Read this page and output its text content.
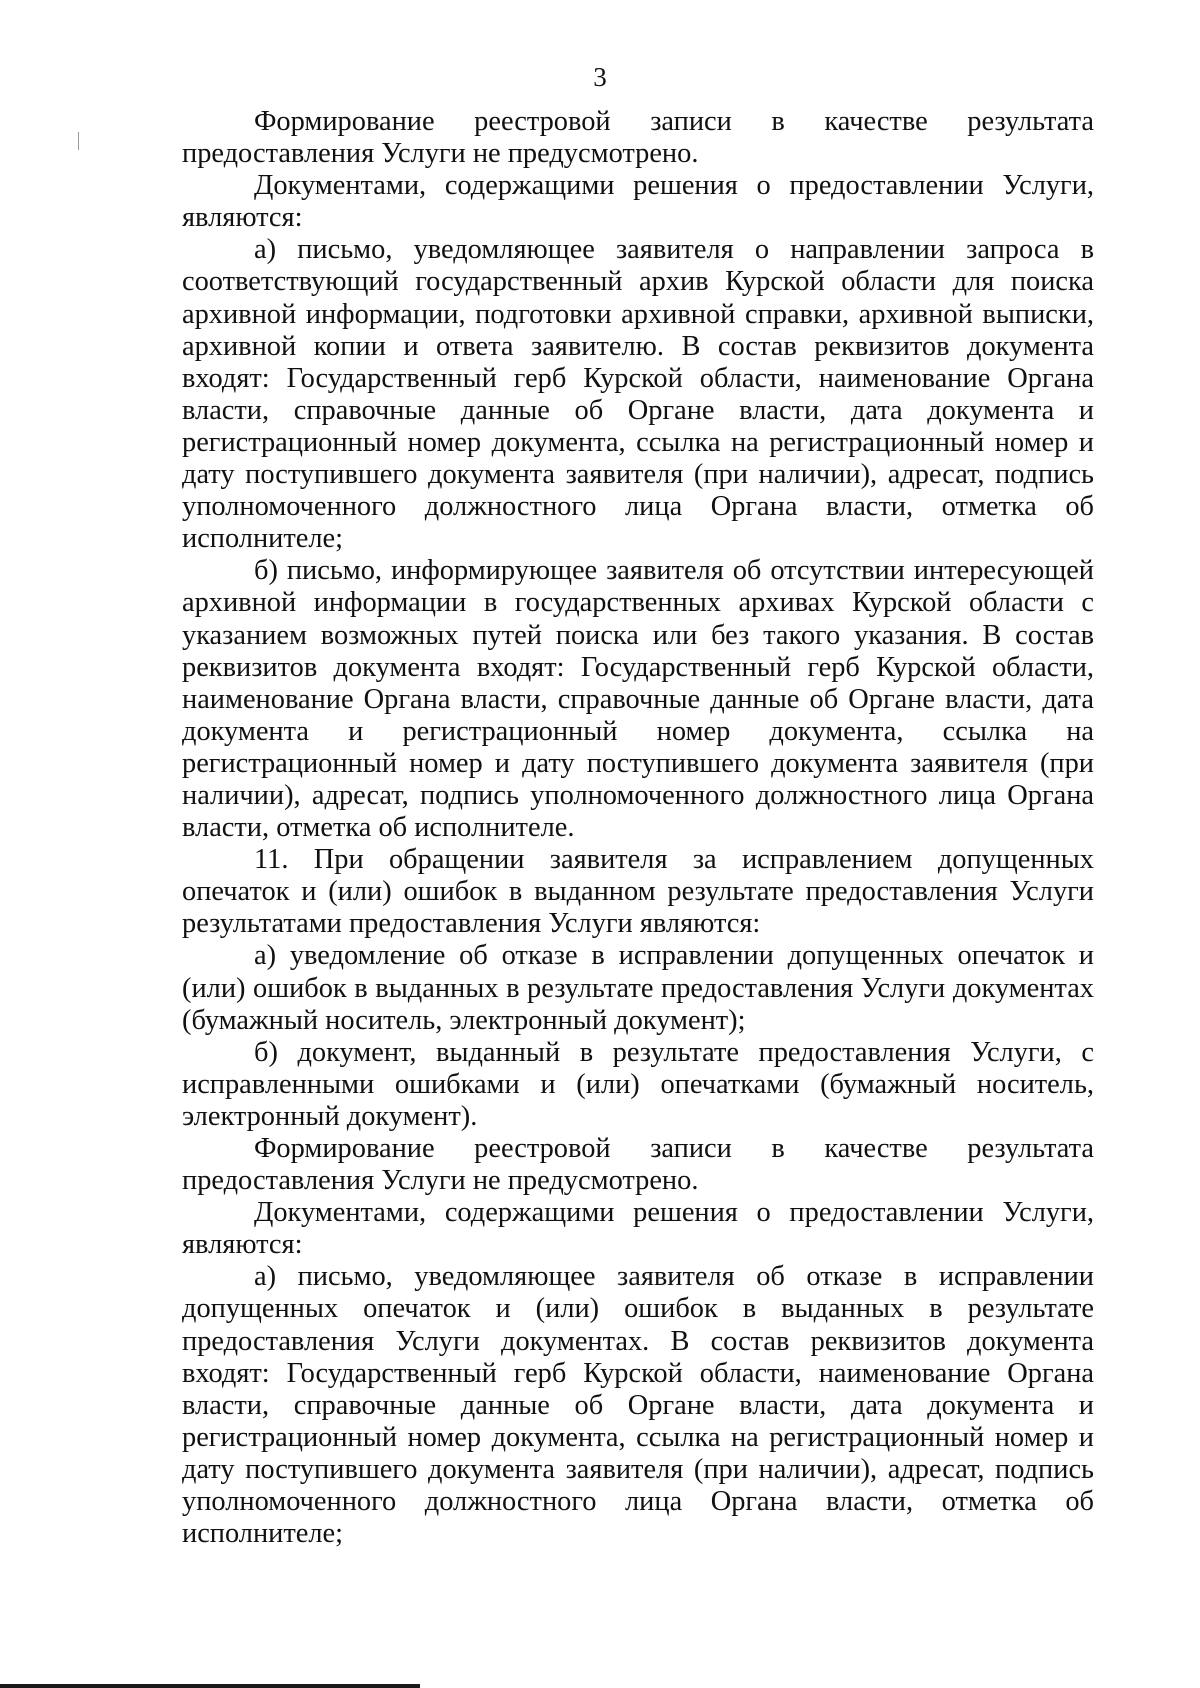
3

Формирование реестровой записи в качестве результата предоставления Услуги не предусмотрено.

Документами, содержащими решения о предоставлении Услуги, являются:

а) письмо, уведомляющее заявителя о направлении запроса в соответствующий государственный архив Курской области для поиска архивной информации, подготовки архивной справки, архивной выписки, архивной копии и ответа заявителю. В состав реквизитов документа входят: Государственный герб Курской области, наименование Органа власти, справочные данные об Органе власти, дата документа и регистрационный номер документа, ссылка на регистрационный номер и дату поступившего документа заявителя (при наличии), адресат, подпись уполномоченного должностного лица Органа власти, отметка об исполнителе;

б) письмо, информирующее заявителя об отсутствии интересующей архивной информации в государственных архивах Курской области с указанием возможных путей поиска или без такого указания. В состав реквизитов документа входят: Государственный герб Курской области, наименование Органа власти, справочные данные об Органе власти, дата документа и регистрационный номер документа, ссылка на регистрационный номер и дату поступившего документа заявителя (при наличии), адресат, подпись уполномоченного должностного лица Органа власти, отметка об исполнителе.

11. При обращении заявителя за исправлением допущенных опечаток и (или) ошибок в выданном результате предоставления Услуги результатами предоставления Услуги являются:

а) уведомление об отказе в исправлении допущенных опечаток и (или) ошибок в выданных в результате предоставления Услуги документах (бумажный носитель, электронный документ);

б) документ, выданный в результате предоставления Услуги, с исправленными ошибками и (или) опечатками (бумажный носитель, электронный документ).

Формирование реестровой записи в качестве результата предоставления Услуги не предусмотрено.

Документами, содержащими решения о предоставлении Услуги, являются:

а) письмо, уведомляющее заявителя об отказе в исправлении допущенных опечаток и (или) ошибок в выданных в результате предоставления Услуги документах. В состав реквизитов документа входят: Государственный герб Курской области, наименование Органа власти, справочные данные об Органе власти, дата документа и регистрационный номер документа, ссылка на регистрационный номер и дату поступившего документа заявителя (при наличии), адресат, подпись уполномоченного должностного лица Органа власти, отметка об исполнителе;
